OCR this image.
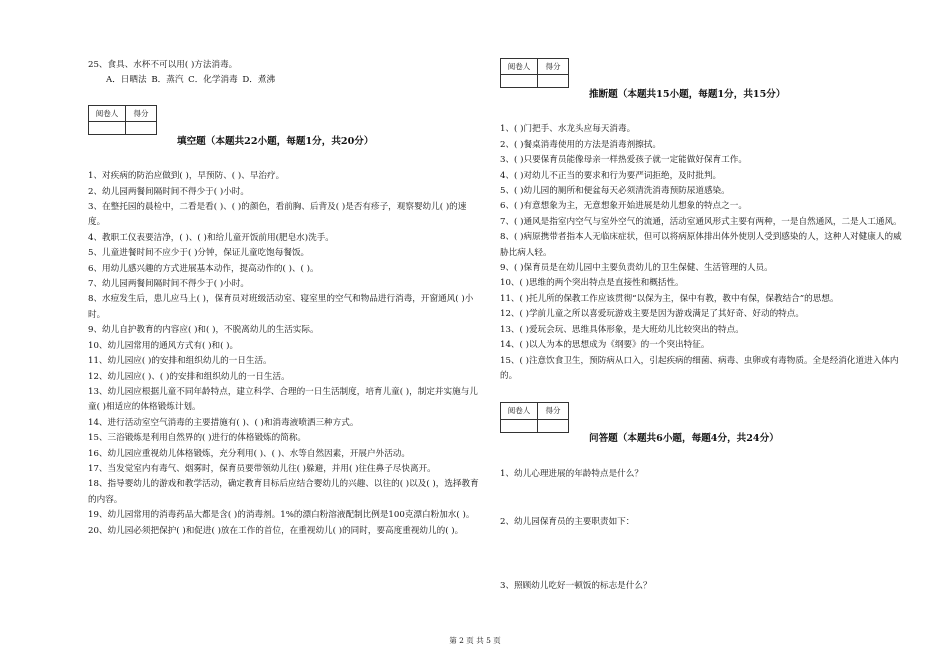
25、食具、水杯不可以用( )方法消毒。
A．日晒法 B．蒸汽 C．化学消毒 D．煮沸
阅卷人	得分

填空题（本题共22小题，每题1分，共20分）
1、对疾病的防治应做到( )，早预防、( )、早治疗。
2、幼儿园两餐间隔时间不得少于( )小时。
3、在整托园的晨检中，二看是看( )、( )的颜色，看前胸、后背及( )是否有疹子，观察婴幼儿( )的速度。
4、教职工仪表要洁净，( )、( )和给儿童开饭前用(肥皂水)洗手。
5、儿童进餐时间不应少于( )分钟，保证儿童吃饱每餐饭。
6、用幼儿感兴趣的方式进展基本动作，提高动作的( )、( )。
7、幼儿园两餐间隔时间不得少于( )小时。
8、水痘发生后，患儿应马上( )，保育员对班级活动室、寝室里的空气和物品进行消毒，开窗通风( )小时。
9、幼儿自护教育的内容应( )和( )，不脱离幼儿的生活实际。
10、幼儿园常用的通风方式有( )和( )。
11、幼儿园应( )的安排和组织幼儿的一日生活。
12、幼儿园应( )、( )的安排和组织幼儿的一日生活。
13、幼儿园应根据儿童不同年龄特点，建立科学、合理的一日生活制度，培育儿童( )，制定并实施与儿童( )相适应的体格锻炼计划。
14、进行活动室空气消毒的主要措施有( )、( )和消毒液喷洒三种方式。
15、三浴锻炼是利用自然界的( )进行的体格锻炼的简称。
16、幼儿园应重视幼儿体格锻炼，充分利用( )、( )、水等自然因素，开展户外活动。
17、当发觉室内有毒气、烟雾时，保育员要带领幼儿往( )躲避，并用( )往住鼻子尽快离开。
18、指导婴幼儿的游戏和教学活动，确定教育目标后应结合婴幼儿的兴趣、以往的( )以及( )，选择教育的内容。
19、幼儿园常用的消毒药品大都是含( )的消毒剂。1%的漂白粉溶液配制比例是100克漂白粉加水( )。
20、幼儿园必须把保护( )和促进( )放在工作的首位，在重视幼儿( )的同时，要高度重视幼儿的( )。
阅卷人	得分

推断题（本题共15小题，每题1分，共15分）
1、( )门把手、水龙头应每天消毒。
2、( )餐桌消毒使用的方法是消毒剂擦拭。
3、( )只要保育员能像母亲一样热爱孩子就一定能做好保育工作。
4、( )对幼儿不正当的要求和行为要严词拒绝，及时批判。
5、( )幼儿园的厕所和便盆每天必须清洗消毒预防尿道感染。
6、( )有意想象为主，无意想象开始进展是幼儿想象的特点之一。
7、( )通风是指室内空气与室外空气的流通，活动室通风形式主要有两种，一是自然通风，二是人工通风。
8、( )病原携带者指本人无临床症状，但可以将病原体排出体外使別人受到感染的人，这种人对健康人的威胁比病人轻。
9、( )保育员是在幼儿园中主要负责幼儿的卫生保健、生活管理的人员。
10、( )思维的两个突出特点是直接性和概括性。
11、( )托儿所的保教工作应该贯彻“以保为主，保中有教，教中有保，保教结合”的思想。
12、( )学前儿童之所以喜爱玩游戏主要是因为游戏满足了其好奇、好动的特点。
13、( )爱玩会玩、思维具体形象，是大班幼儿比较突出的特点。
14、( )以人为本的思想成为《纲要》的一个突出特征。
15、( )注意饮食卫生，预防病从口入，引起疾病的细菌、病毒、虫卵或有毒物质。全是经消化道进入体内的。
阅卷人	得分

问答题（本题共6小题，每题4分，共24分）
1、幼儿心理进展的年龄特点是什么？
2、幼儿园保育员的主要职责如下：
3、照顾幼儿吃好一顿饭的标志是什么？
第 2 页 共 5 页
